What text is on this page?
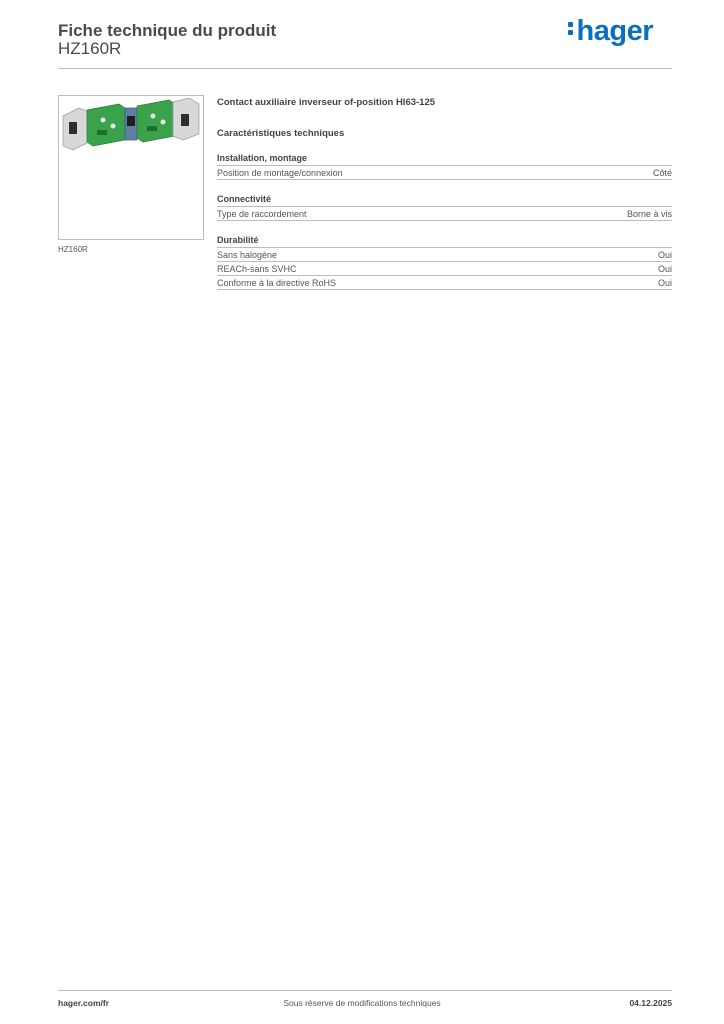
Fiche technique du produit
HZ160R
hager
HZ160R
Contact auxiliaire inverseur of-position HI63-125
Caractéristiques techniques
Installation, montage
Position de montage/connexion	Côté
Connectivité
Type de raccordement	Borne à vis
Durabilité
Sans halogène	Oui
REACh-sans SVHC	Oui
Conforme à la directive RoHS	Oui
hager.com/fr	Sous réserve de modifications techniques	04.12.2025
